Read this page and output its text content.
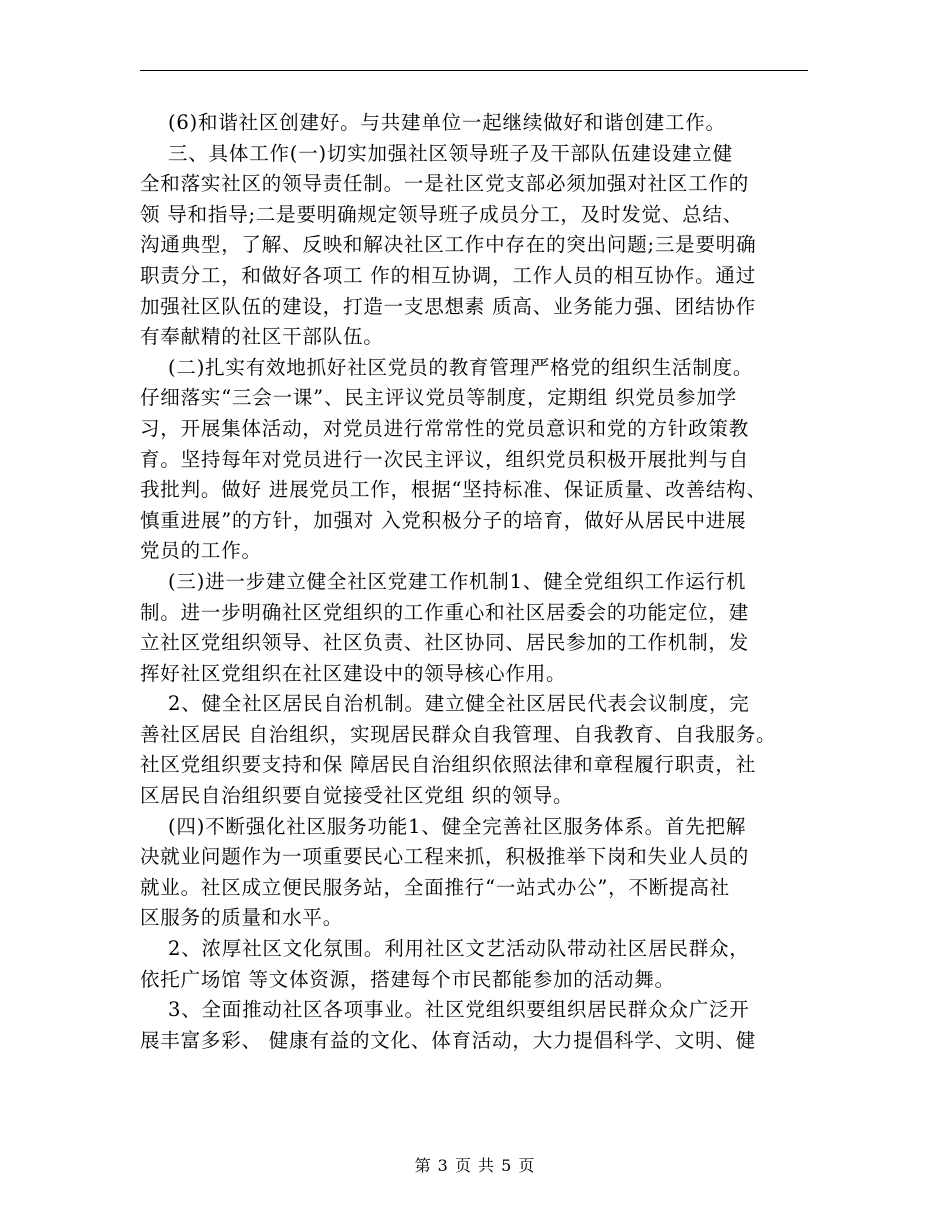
(6)和谐社区创建好。与共建单位一起继续做好和谐创建工作。
三、具体工作(一)切实加强社区领导班子及干部队伍建设建立健
全和落实社区的领导责任制。一是社区党支部必须加强对社区工作的
领 导和指导;二是要明确规定领导班子成员分工，及时发觉、总结、
沟通典型，了解、反映和解决社区工作中存在的突出问题;三是要明确
职责分工，和做好各项工 作的相互协调，工作人员的相互协作。通过
加强社区队伍的建设，打造一支思想素 质高、业务能力强、团结协作
有奉献精的社区干部队伍。
(二)扎实有效地抓好社区党员的教育管理严格党的组织生活制度。
仔细落实“三会一课”、民主评议党员等制度，定期组 织党员参加学
习，开展集体活动，对党员进行常常性的党员意识和党的方针政策教
育。坚持每年对党员进行一次民主评议，组织党员积极开展批判与自
我批判。做好 进展党员工作，根据“坚持标准、保证质量、改善结构、
慎重进展”的方针，加强对 入党积极分子的培育，做好从居民中进展
党员的工作。
(三)进一步建立健全社区党建工作机制1、健全党组织工作运行机
制。进一步明确社区党组织的工作重心和社区居委会的功能定位，建
立社区党组织领导、社区负责、社区协同、居民参加的工作机制，发
挥好社区党组织在社区建设中的领导核心作用。
2、健全社区居民自治机制。建立健全社区居民代表会议制度，完
善社区居民 自治组织，实现居民群众自我管理、自我教育、自我服务。
社区党组织要支持和保 障居民自治组织依照法律和章程履行职责，社
区居民自治组织要自觉接受社区党组 织的领导。
(四)不断强化社区服务功能1、健全完善社区服务体系。首先把解
决就业问题作为一项重要民心工程来抓，积极推举下岗和失业人员的
就业。社区成立便民服务站，全面推行“一站式办公”，不断提高社
区服务的质量和水平。
2、浓厚社区文化氛围。利用社区文艺活动队带动社区居民群众，
依托广场馆 等文体资源，搭建每个市民都能参加的活动舞。
3、全面推动社区各项事业。社区党组织要组织居民群众众广泛开
展丰富多彩、 健康有益的文化、体育活动，大力提倡科学、文明、健
第 3 页 共 5 页
